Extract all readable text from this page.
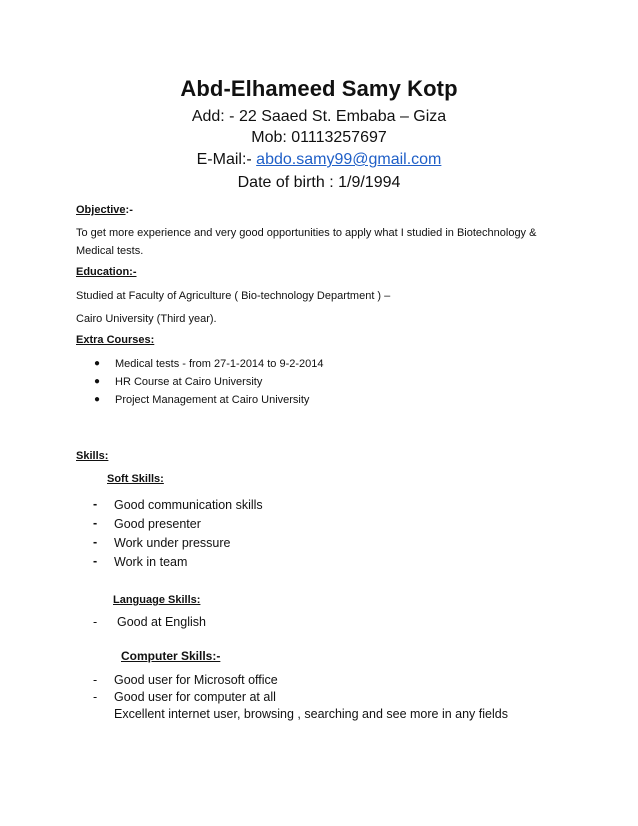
Abd-Elhameed Samy Kotp
Add: - 22 Saaed St. Embaba – Giza
Mob: 01113257697
E-Mail:- abdo.samy99@gmail.com
Date of birth : 1/9/1994
Objective:-
To get more experience and very good opportunities to apply what I studied in Biotechnology & Medical tests.
Education:-
Studied at Faculty of Agriculture ( Bio-technology Department ) –
Cairo University (Third year).
Extra Courses:
● Medical tests - from 27-1-2014 to 9-2-2014
● HR Course at Cairo University
● Project Management at Cairo University
Skills:
Soft Skills:
- Good communication skills
- Good presenter
- Work under pressure
- Work in team
Language Skills:
- Good at English
Computer Skills:-
- Good user for Microsoft office
- Good user for computer at all
Excellent internet user, browsing , searching and see more in any fields
